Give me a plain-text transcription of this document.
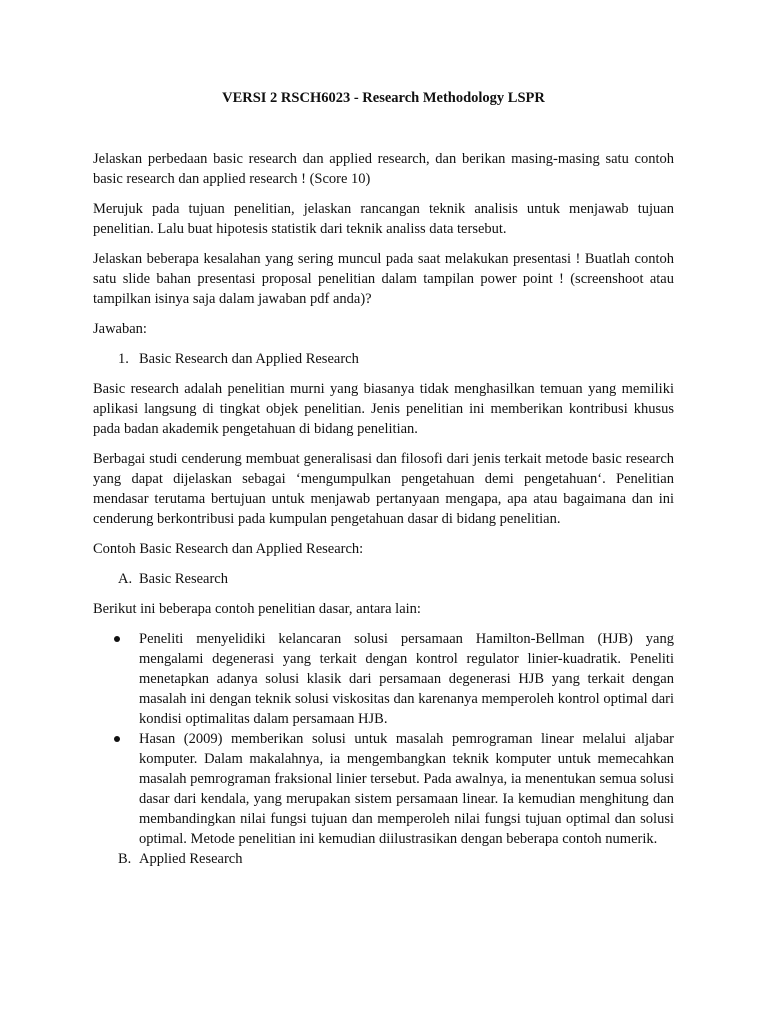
VERSI 2 RSCH6023 - Research Methodology LSPR

Jelaskan perbedaan basic research dan applied research, dan berikan masing-masing satu contoh basic research dan applied research ! (Score 10)

Merujuk pada tujuan penelitian, jelaskan rancangan teknik analisis untuk menjawab tujuan penelitian. Lalu buat hipotesis statistik dari teknik analiss data tersebut.

Jelaskan beberapa kesalahan yang sering muncul pada saat melakukan presentasi ! Buatlah contoh satu slide bahan presentasi proposal penelitian dalam tampilan power point ! (screenshoot atau tampilkan isinya saja dalam jawaban pdf anda)?

Jawaban:

1. Basic Research dan Applied Research

Basic research adalah penelitian murni yang biasanya tidak menghasilkan temuan yang memiliki aplikasi langsung di tingkat objek penelitian. Jenis penelitian ini memberikan kontribusi khusus pada badan akademik pengetahuan di bidang penelitian.

Berbagai studi cenderung membuat generalisasi dan filosofi dari jenis terkait metode basic research yang dapat dijelaskan sebagai ‘mengumpulkan pengetahuan demi pengetahuan‘. Penelitian mendasar terutama bertujuan untuk menjawab pertanyaan mengapa, apa atau bagaimana dan ini cenderung berkontribusi pada kumpulan pengetahuan dasar di bidang penelitian.

Contoh Basic Research dan Applied Research:

A. Basic Research

Berikut ini beberapa contoh penelitian dasar, antara lain:

Peneliti menyelidiki kelancaran solusi persamaan Hamilton-Bellman (HJB) yang mengalami degenerasi yang terkait dengan kontrol regulator linier-kuadratik. Peneliti menetapkan adanya solusi klasik dari persamaan degenerasi HJB yang terkait dengan masalah ini dengan teknik solusi viskositas dan karenanya memperoleh kontrol optimal dari kondisi optimalitas dalam persamaan HJB.
Hasan (2009) memberikan solusi untuk masalah pemrograman linear melalui aljabar komputer. Dalam makalahnya, ia mengembangkan teknik komputer untuk memecahkan masalah pemrograman fraksional linier tersebut. Pada awalnya, ia menentukan semua solusi dasar dari kendala, yang merupakan sistem persamaan linear. Ia kemudian menghitung dan membandingkan nilai fungsi tujuan dan memperoleh nilai fungsi tujuan optimal dan solusi optimal. Metode penelitian ini kemudian diilustrasikan dengan beberapa contoh numerik.
B. Applied Research
